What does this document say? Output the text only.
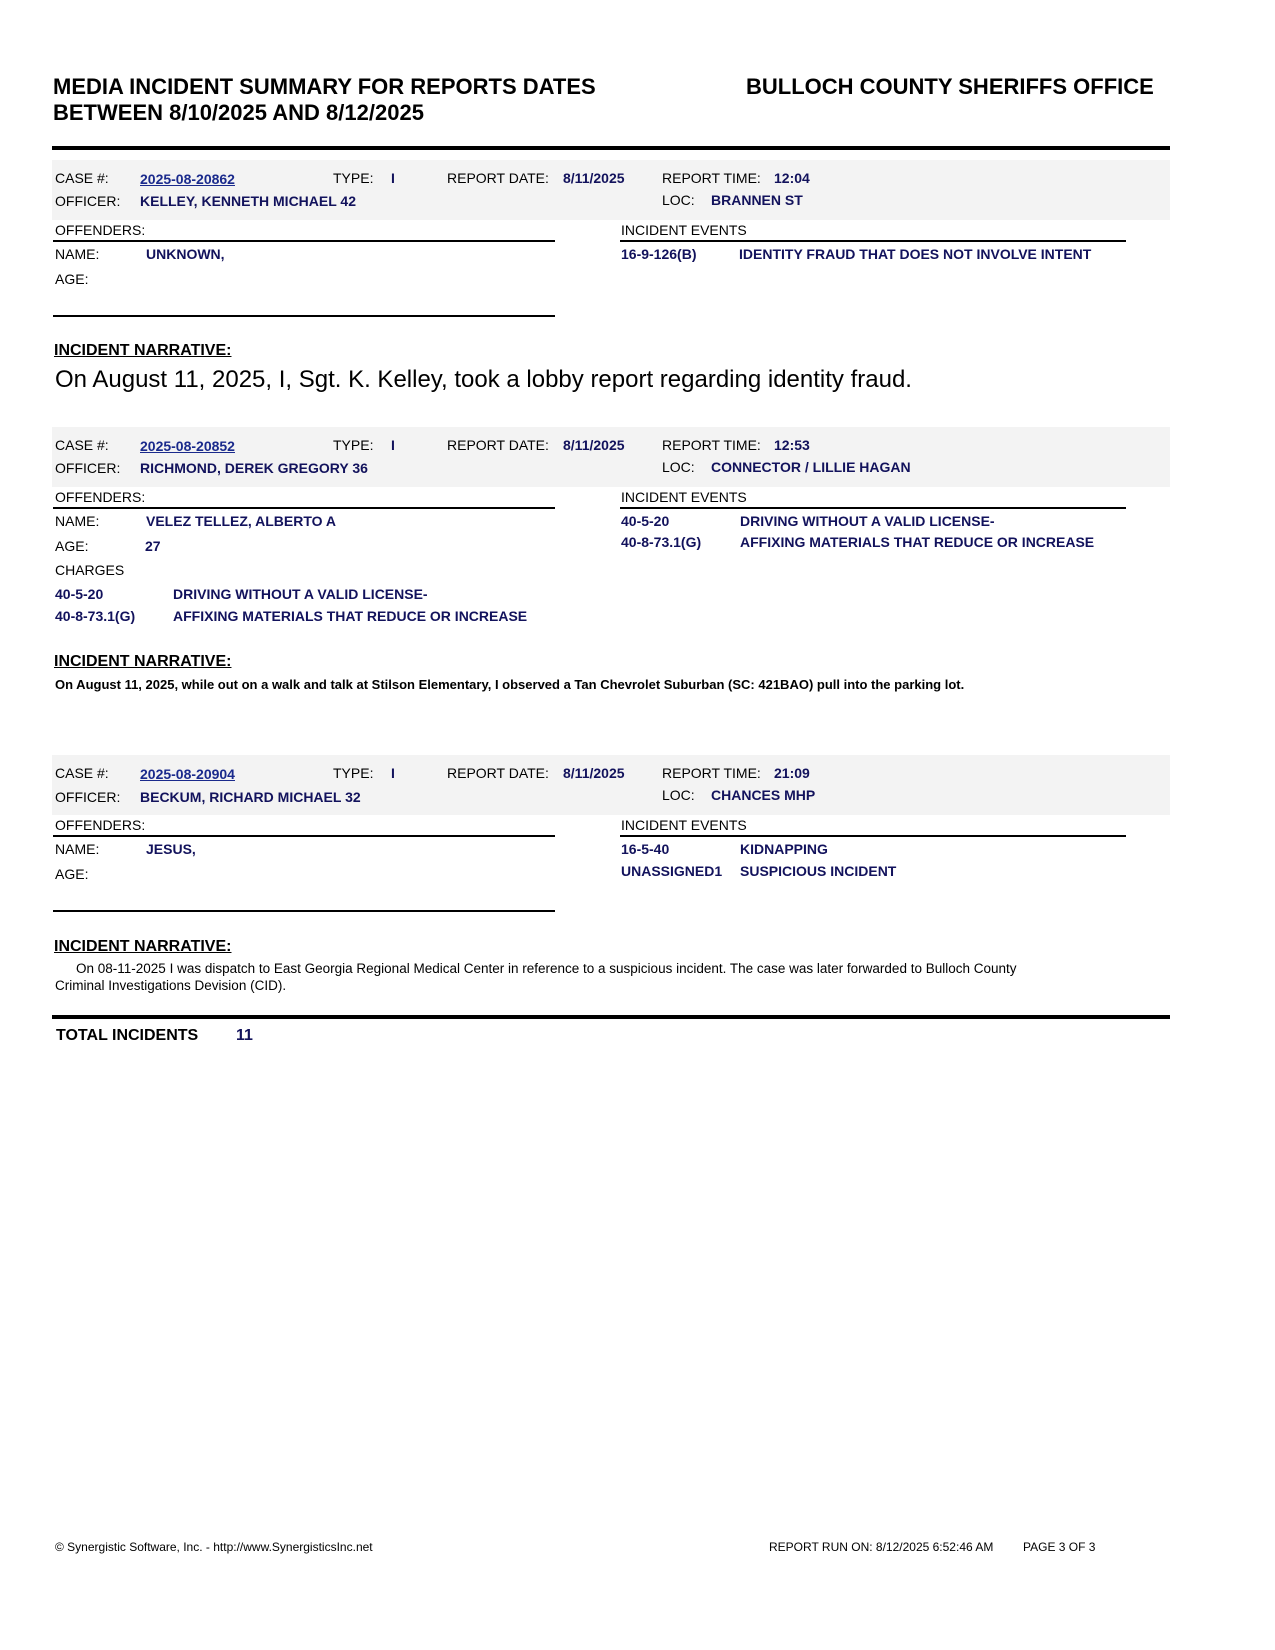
MEDIA INCIDENT SUMMARY FOR REPORTS DATES
BETWEEN 8/10/2025 AND 8/12/2025
BULLOCH COUNTY SHERIFFS OFFICE
CASE #: 2025-08-20862	TYPE: I	REPORT DATE: 8/11/2025	REPORT TIME: 12:04
OFFICER: KELLEY, KENNETH MICHAEL 42	LOC: BRANNEN ST
OFFENDERS:	INCIDENT EVENTS
NAME:	UNKNOWN,
AGE:
16-9-126(B)	IDENTITY FRAUD THAT DOES NOT INVOLVE INTENT
INCIDENT NARRATIVE:
On August 11, 2025, I, Sgt. K. Kelley, took a lobby report regarding identity fraud.
CASE #: 2025-08-20852	TYPE: I	REPORT DATE: 8/11/2025	REPORT TIME: 12:53
OFFICER: RICHMOND, DEREK GREGORY 36	LOC: CONNECTOR / LILLIE HAGAN
OFFENDERS:	INCIDENT EVENTS
NAME:	VELEZ TELLEZ, ALBERTO A
AGE:	27
40-5-20	DRIVING WITHOUT A VALID LICENSE-
40-8-73.1(G)	AFFIXING MATERIALS THAT REDUCE OR INCREASE
CHARGES
40-5-20	DRIVING WITHOUT A VALID LICENSE-
40-8-73.1(G)	AFFIXING MATERIALS THAT REDUCE OR INCREASE
INCIDENT NARRATIVE:
On August 11, 2025, while out on a walk and talk at Stilson Elementary, I observed a Tan Chevrolet Suburban (SC: 421BAO) pull into the parking lot.
CASE #: 2025-08-20904	TYPE: I	REPORT DATE: 8/11/2025	REPORT TIME: 21:09
OFFICER: BECKUM, RICHARD MICHAEL 32	LOC: CHANCES MHP
OFFENDERS:	INCIDENT EVENTS
NAME:	JESUS,
AGE:
16-5-40	KIDNAPPING
UNASSIGNED1 SUSPICIOUS INCIDENT
INCIDENT NARRATIVE:
On 08-11-2025 I was dispatch to East Georgia Regional Medical Center in reference to a suspicious incident. The case was later forwarded to Bulloch County
Criminal Investigations Devision (CID).
TOTAL INCIDENTS 11
© Synergistic Software, Inc. - http://www.SynergisticsInc.net	REPORT RUN ON: 8/12/2025 6:52:46 AM PAGE 3 OF 3
